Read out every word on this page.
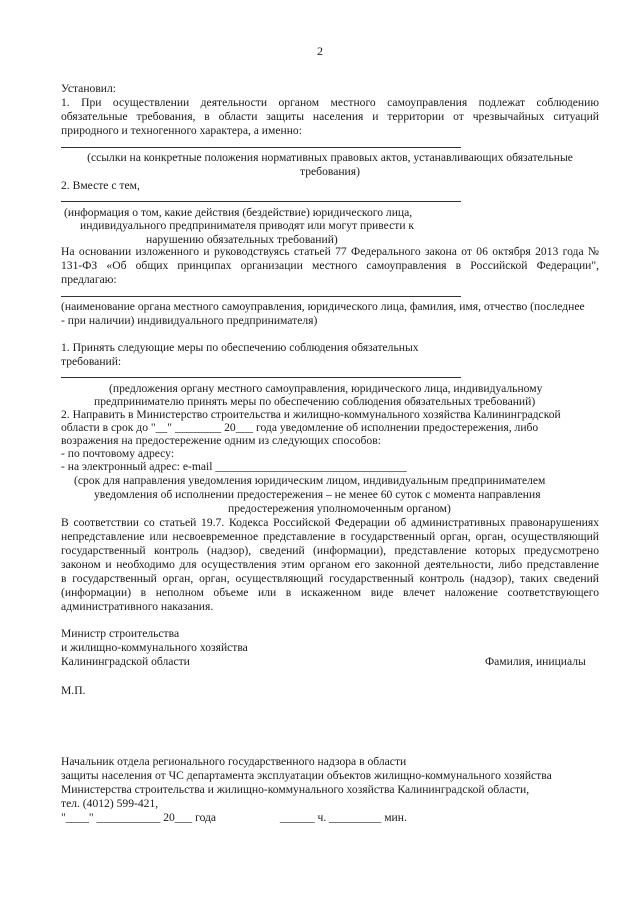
2
Установил:
1. При осуществлении деятельности органом местного самоуправления подлежат соблюдению
обязательные требования, в области защиты населения и территории от чрезвычайных ситуаций
природного и техногенного характера, а именно:
(ссылки на конкретные положения нормативных правовых актов, устанавливающих обязательные
требования)
2. Вместе с тем,
(информация о том, какие действия (бездействие) юридического лица,
индивидуального предпринимателя приводят или могут привести к
нарушению обязательных требований)
На основании изложенного и руководствуясь статьей 77 Федерального закона от 06 октября 2013 года №
131-ФЗ «Об общих принципах организации местного самоуправления в Российской Федерации",
предлагаю:
(наименование органа местного самоуправления, юридического лица, фамилия, имя, отчество (последнее
- при наличии) индивидуального предпринимателя)
1. Принять следующие меры по обеспечению соблюдения обязательных
требований:
(предложения органу местного самоуправления, юридического лица, индивидуальному
предпринимателю принять меры по обеспечению соблюдения обязательных требований)
2. Направить в Министерство строительства и жилищно-коммунального хозяйства Калининградской
области в срок до "__" ________ 20___ года уведомление об исполнении предостережения, либо
возражения на предостережение одним из следующих способов:
- по почтовому адресу:
- на электронный адрес: e-mail _________________________________
(срок для направления уведомления юридическим лицом, индивидуальным предпринимателем
уведомления об исполнении предостережения – не менее 60 суток с момента направления
предостережения уполномоченным органом)
В соответствии со статьей 19.7. Кодекса Российской Федерации об административных правонарушениях
непредставление или несвоевременное представление в государственный орган, орган, осуществляющий
государственный контроль (надзор), сведений (информации), представление которых предусмотрено
законом и необходимо для осуществления этим органом его законной деятельности, либо представление
в государственный орган, орган, осуществляющий государственный контроль (надзор), таких сведений
(информации) в неполном объеме или в искаженном виде влечет наложение соответствующего
административного наказания.
Министр строительства
и жилищно-коммунального хозяйства
Калининградской области	Фамилия, инициалы
М.П.
Начальник отдела регионального государственного надзора в области
защиты населения от ЧС департамента эксплуатации объектов жилищно-коммунального хозяйства
Министерства строительства и жилищно-коммунального хозяйства Калининградской области,
тел. (4012) 599-421,
"____" ___________ 20___ года                      ______ ч. _________ мин.
